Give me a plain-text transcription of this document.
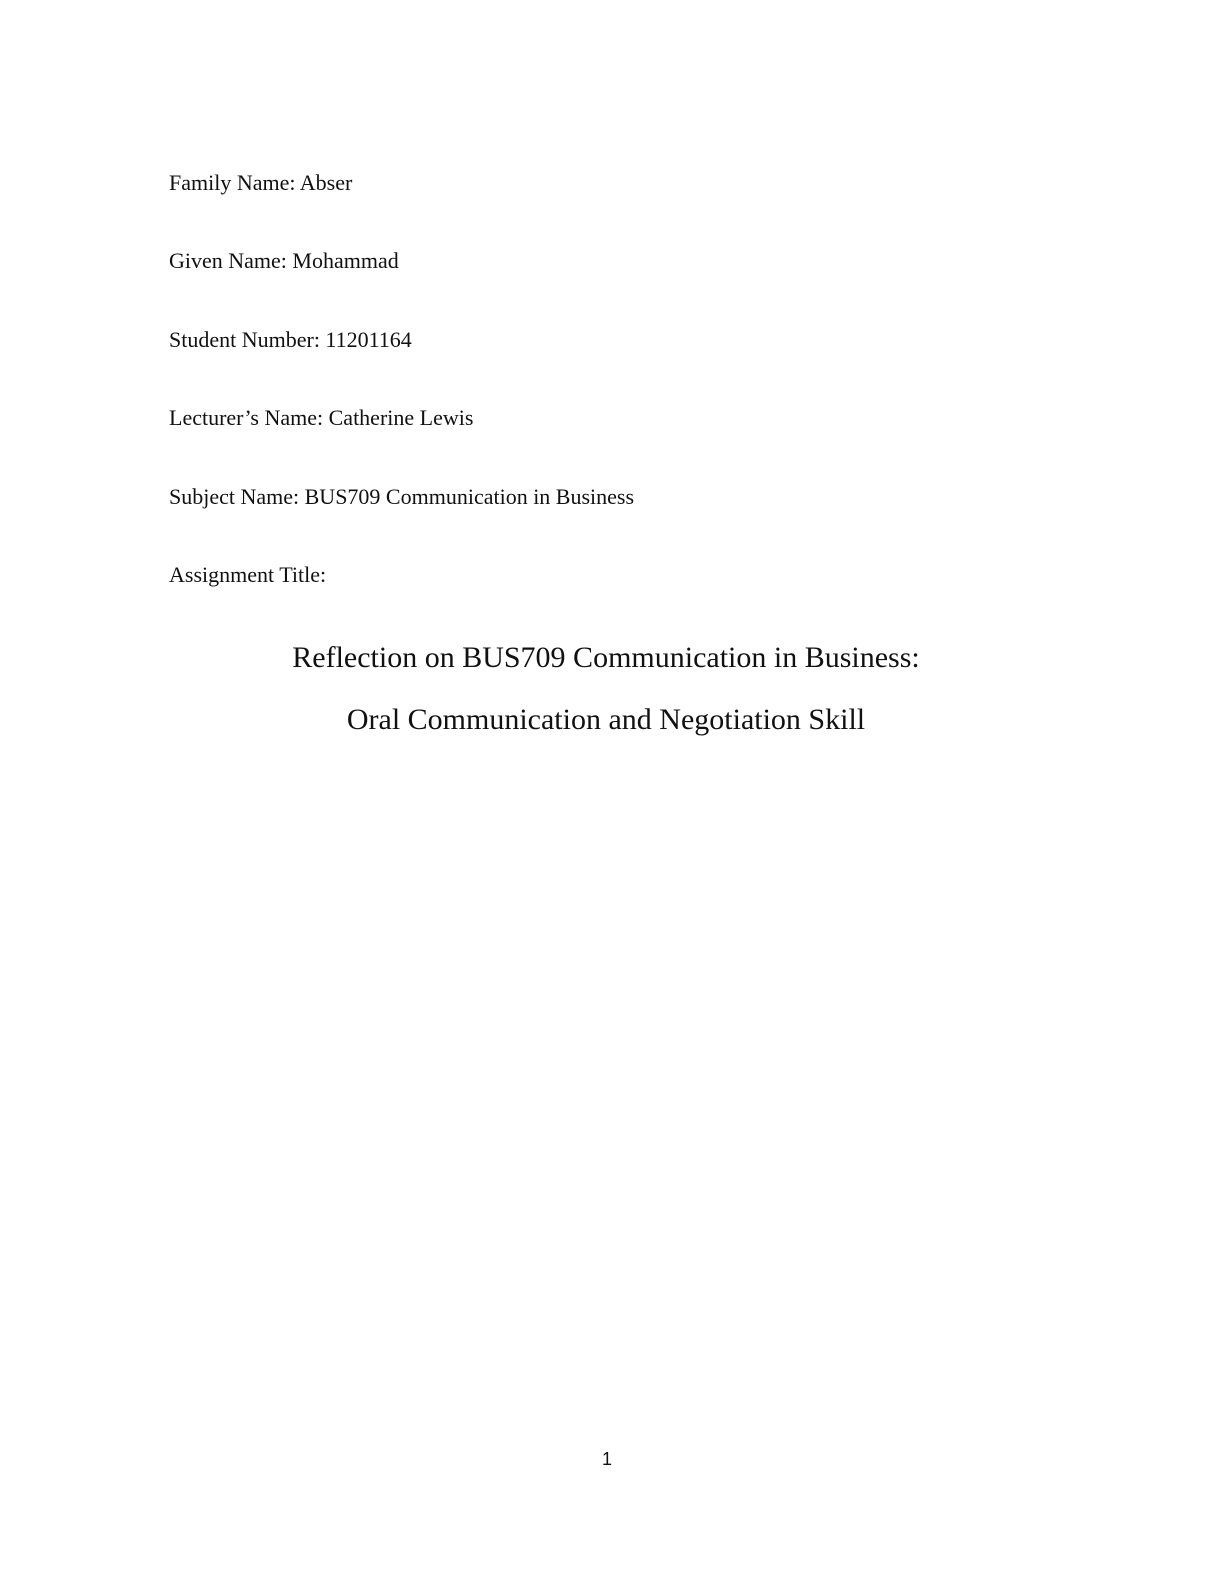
Family Name: Abser
Given Name: Mohammad
Student Number: 11201164
Lecturer’s Name: Catherine Lewis
Subject Name: BUS709 Communication in Business
Assignment Title:
Reflection on BUS709 Communication in Business:
Oral Communication and Negotiation Skill
1
